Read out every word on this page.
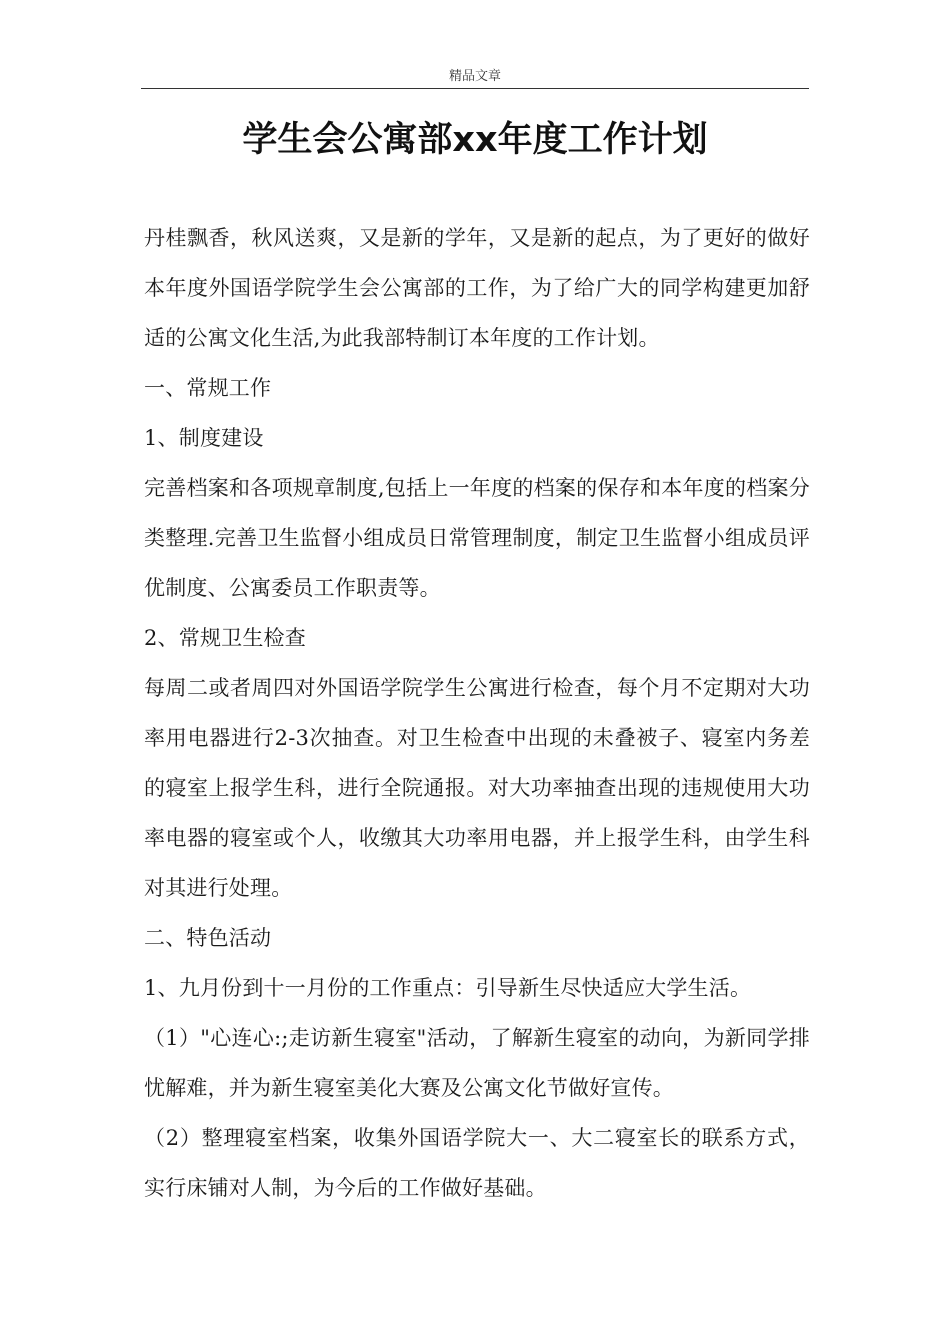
精品文章
学生会公寓部xx年度工作计划

丹桂飘香，秋风送爽，又是新的学年，又是新的起点，为了更好的做好本年度外国语学院学生会公寓部的工作，为了给广大的同学构建更加舒适的公寓文化生活,为此我部特制订本年度的工作计划。

一、常规工作

1、制度建设

完善档案和各项规章制度,包括上一年度的档案的保存和本年度的档案分类整理.完善卫生监督小组成员日常管理制度，制定卫生监督小组成员评优制度、公寓委员工作职责等。

2、常规卫生检查

每周二或者周四对外国语学院学生公寓进行检查，每个月不定期对大功率用电器进行2-3次抽查。对卫生检查中出现的未叠被子、寝室内务差的寝室上报学生科，进行全院通报。对大功率抽查出现的违规使用大功率电器的寝室或个人，收缴其大功率用电器，并上报学生科，由学生科对其进行处理。

二、特色活动

1、九月份到十一月份的工作重点：引导新生尽快适应大学生活。

（1）"心连心:;走访新生寝室"活动，了解新生寝室的动向，为新同学排忧解难，并为新生寝室美化大赛及公寓文化节做好宣传。

（2）整理寝室档案，收集外国语学院大一、大二寝室长的联系方式，实行床铺对人制，为今后的工作做好基础。
